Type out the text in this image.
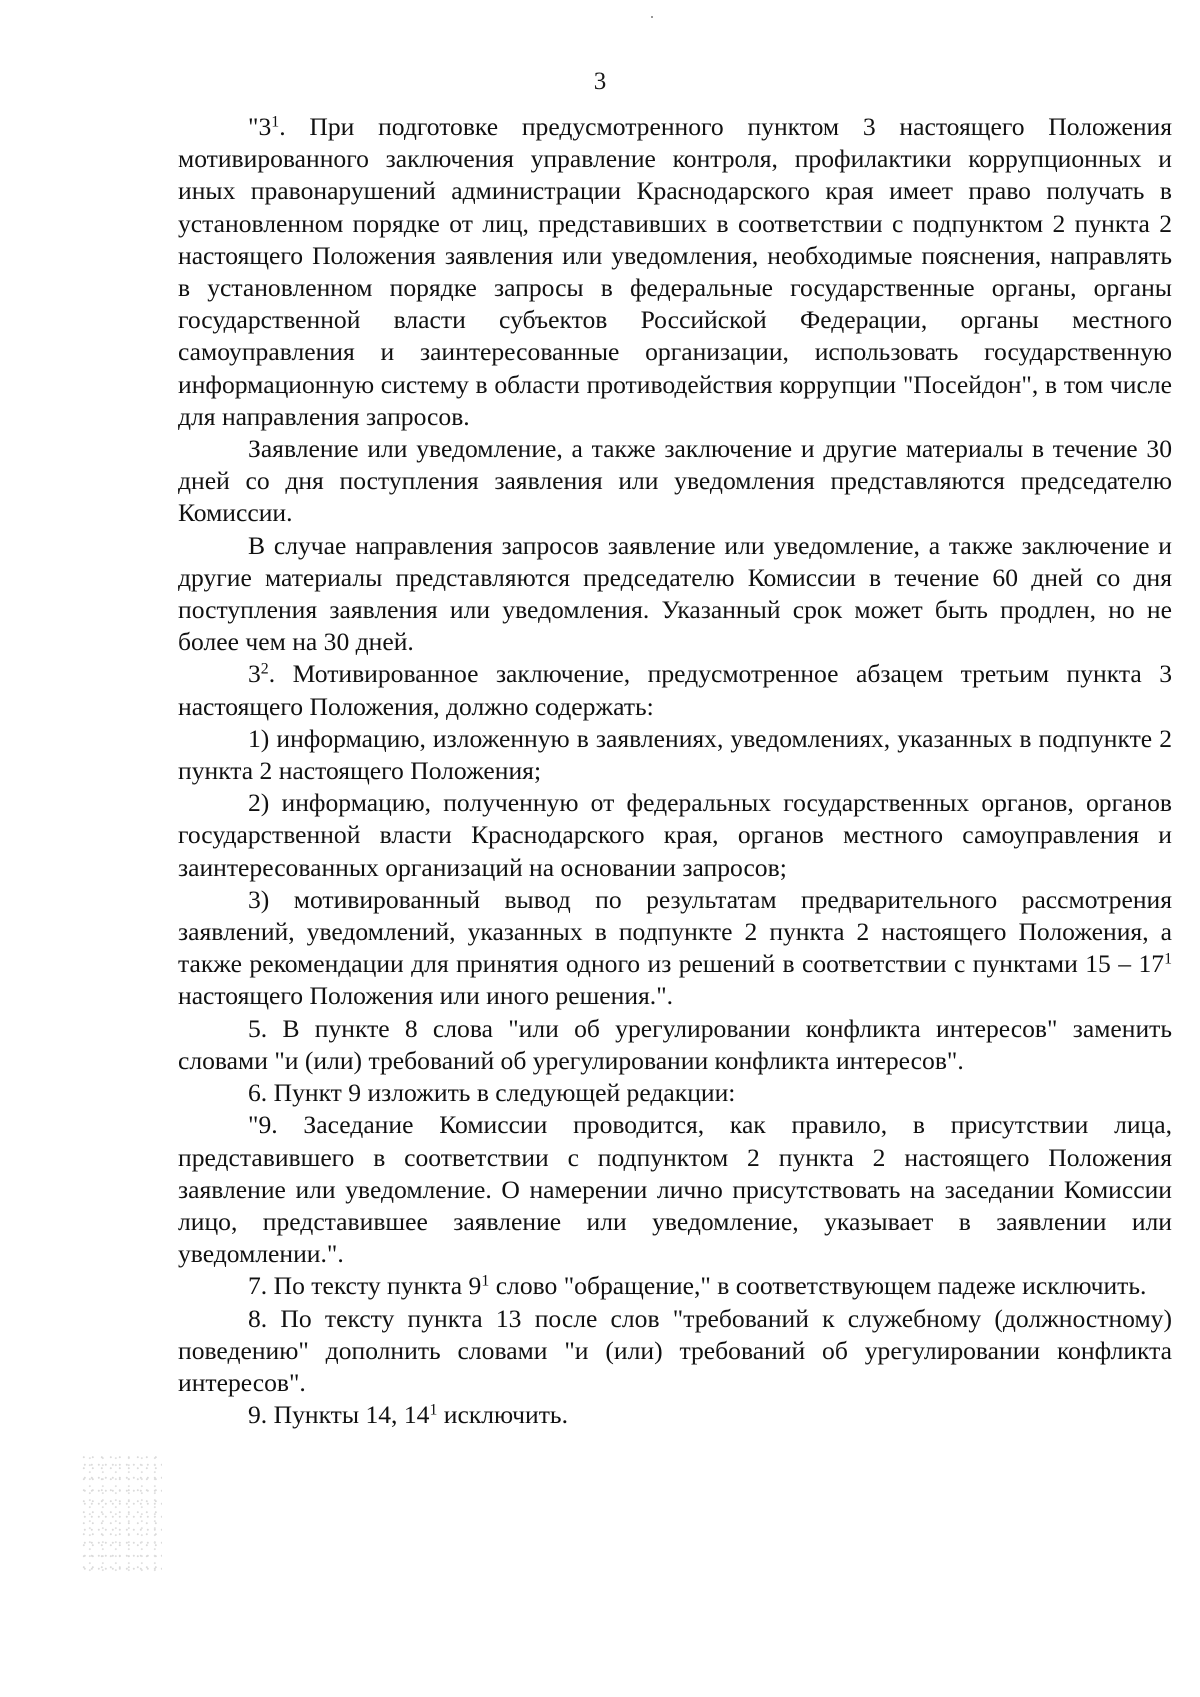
3

"$3^1$. При подготовке предусмотренного пунктом 3 настоящего Положения мотивированного заключения управление контроля, профилактики коррупционных и иных правонарушений администрации Краснодарского края имеет право получать в установленном порядке от лиц, представивших в соответствии с подпунктом 2 пункта 2 настоящего Положения заявления или уведомления, необходимые пояснения, направлять в установленном порядке запросы в федеральные государственные органы, органы государственной власти субъектов Российской Федерации, органы местного самоуправления и заинтересованные организации, использовать государственную информационную систему в области противодействия коррупции "Посейдон", в том числе для направления запросов.

Заявление или уведомление, а также заключение и другие материалы в течение 30 дней со дня поступления заявления или уведомления представляются председателю Комиссии.

В случае направления запросов заявление или уведомление, а также заключение и другие материалы представляются председателю Комиссии в течение 60 дней со дня поступления заявления или уведомления. Указанный срок может быть продлен, но не более чем на 30 дней.

$3^2$. Мотивированное заключение, предусмотренное абзацем третьим пункта 3 настоящего Положения, должно содержать:

1) информацию, изложенную в заявлениях, уведомлениях, указанных в подпункте 2 пункта 2 настоящего Положения;

2) информацию, полученную от федеральных государственных органов, органов государственной власти Краснодарского края, органов местного самоуправления и заинтересованных организаций на основании запросов;

3) мотивированный вывод по результатам предварительного рассмотрения заявлений, уведомлений, указанных в подпункте 2 пункта 2 настоящего Положения, а также рекомендации для принятия одного из решений в соответствии с пунктами $15 - 17^1$ настоящего Положения или иного решения.".

5. В пункте 8 слова "или об урегулировании конфликта интересов" заменить словами "и (или) требований об урегулировании конфликта интересов".

6. Пункт 9 изложить в следующей редакции:

"9. Заседание Комиссии проводится, как правило, в присутствии лица, представившего в соответствии с подпунктом 2 пункта 2 настоящего Положения заявление или уведомление. О намерении лично присутствовать на заседании Комиссии лицо, представившее заявление или уведомление, указывает в заявлении или уведомлении.".

7. По тексту пункта $9^1$ слово "обращение," в соответствующем падеже исключить.

8. По тексту пункта 13 после слов "требований к служебному (должностному) поведению" дополнить словами "и (или) требований об урегулировании конфликта интересов".

9. Пункты 14, $14^1$ исключить.
